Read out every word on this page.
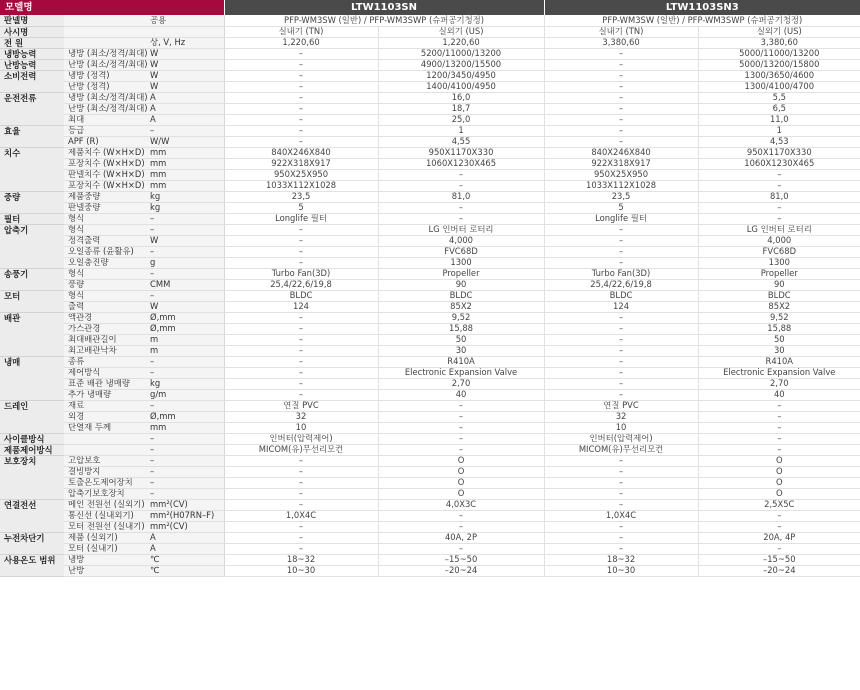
모델명			LTW1103SN		LTW1103SN3	
판넬명		공용	PFP-WM3SW (일반) / PFP-WM3SWP (슈퍼공기청정)		PFP-WM3SW (일반) / PFP-WM3SWP (슈퍼공기청정)	
사시명			실내기 (TN)	실외기 (US)	실내기 (TN)	실외기 (US)
전 원		상, V, Hz	1,220,60	1,220,60	3,380,60	3,380,60
냉방능력	냉방 (최소/정격/최대)	W	–	5200/11000/13200	–	5000/11000/13200
난방능력	난방 (최소/정격/최대)	W	–	4900/13200/15500	–	5000/13200/15800
소비전력	냉방 (정격)	W	–	1200/3450/4950	–	1300/3650/4600
	난방 (정격)	W	–	1400/4100/4950	–	1300/4100/4700
운전전류	냉방 (최소/정격/최대)	A	–	16,0	–	5,5
	난방 (최소/정격/최대)	A	–	18,7	–	6,5
	최대	A	–	25,0	–	11,0
효율	등급	–	–	1	–	1
	APF (R)	W/W	–	4,55	–	4,53
치수	제품치수 (W×H×D)	mm	840X246X840	950X1170X330	840X246X840	950X1170X330
	포장치수 (W×H×D)	mm	922X318X917	1060X1230X465	922X318X917	1060X1230X465
	판넬치수 (W×H×D)	mm	950X25X950	–	950X25X950	–
	포장치수 (W×H×D)	mm	1033X112X1028	–	1033X112X1028	–
중량	제품중량	kg	23,5	81,0	23,5	81,0
	판넬중량	kg	5	–	5	–
필터	형식	–	Longlife 필터	–	Longlife 필터	–
압축기	형식	–	–	LG 인버터 로터리	–	LG 인버터 로터리
	정격출력	W	–	4,000	–	4,000
	오일종류 (윤활유)	–	–	FVC68D	–	FVC68D
	오일충진량	g	–	1300	–	1300
송풍기	형식	–	Turbo Fan(3D)	Propeller	Turbo Fan(3D)	Propeller
	풍량	CMM	25,4/22,6/19,8	90	25,4/22,6/19,8	90
모터	형식	–	BLDC	BLDC	BLDC	BLDC
	출력	W	124	85X2	124	85X2
배관	액관경	Ø,mm	–	9,52	–	9,52
	가스관경	Ø,mm	–	15,88	–	15,88
	최대배관길이	m	–	50	–	50
	최고배관낙차	m	–	30	–	30
냉매	종류	–	–	R410A	–	R410A
	제어방식	–	–	Electronic Expansion Valve	–	Electronic Expansion Valve
	표준 배관 냉매량	kg	–	2,70	–	2,70
	추가 냉매량	g/m	–	40	–	40
드레인	재료	–	연질 PVC	–	연질 PVC	–
	외경	Ø,mm	32	–	32	–
	단열재 두께	mm	10	–	10	–
사이클방식		–	인버터(압력제어)	–	인버터(압력제어)	–
제품제어방식		–	MICOM(유)무선리모컨	–	MICOM(유)무선리모컨	–
보호장치	고압보호	–	–	O	–	O
	결빙방지	–	–	O	–	O
	토출온도제어장치	–	–	O	–	O
	압축기보호장치	–	–	O	–	O
연결전선	메인 전원선 (실외기)	mm²(CV)	–	4,0X3C	–	2,5X5C
	통신선 (실내외기)	mm²(H07RN–F)	1,0X4C	–	1,0X4C	–
	모터 전원선 (실내기)	mm²(CV)	–	–	–	–
누전차단기	제품 (실외기)	A	–	40A, 2P	–	20A, 4P
	모터 (실내기)	A	–	–	–	–
사용온도 범위	냉방	℃	18~32	–15~50	18~32	–15~50
	난방	℃	10~30	–20~24	10~30	–20~24
